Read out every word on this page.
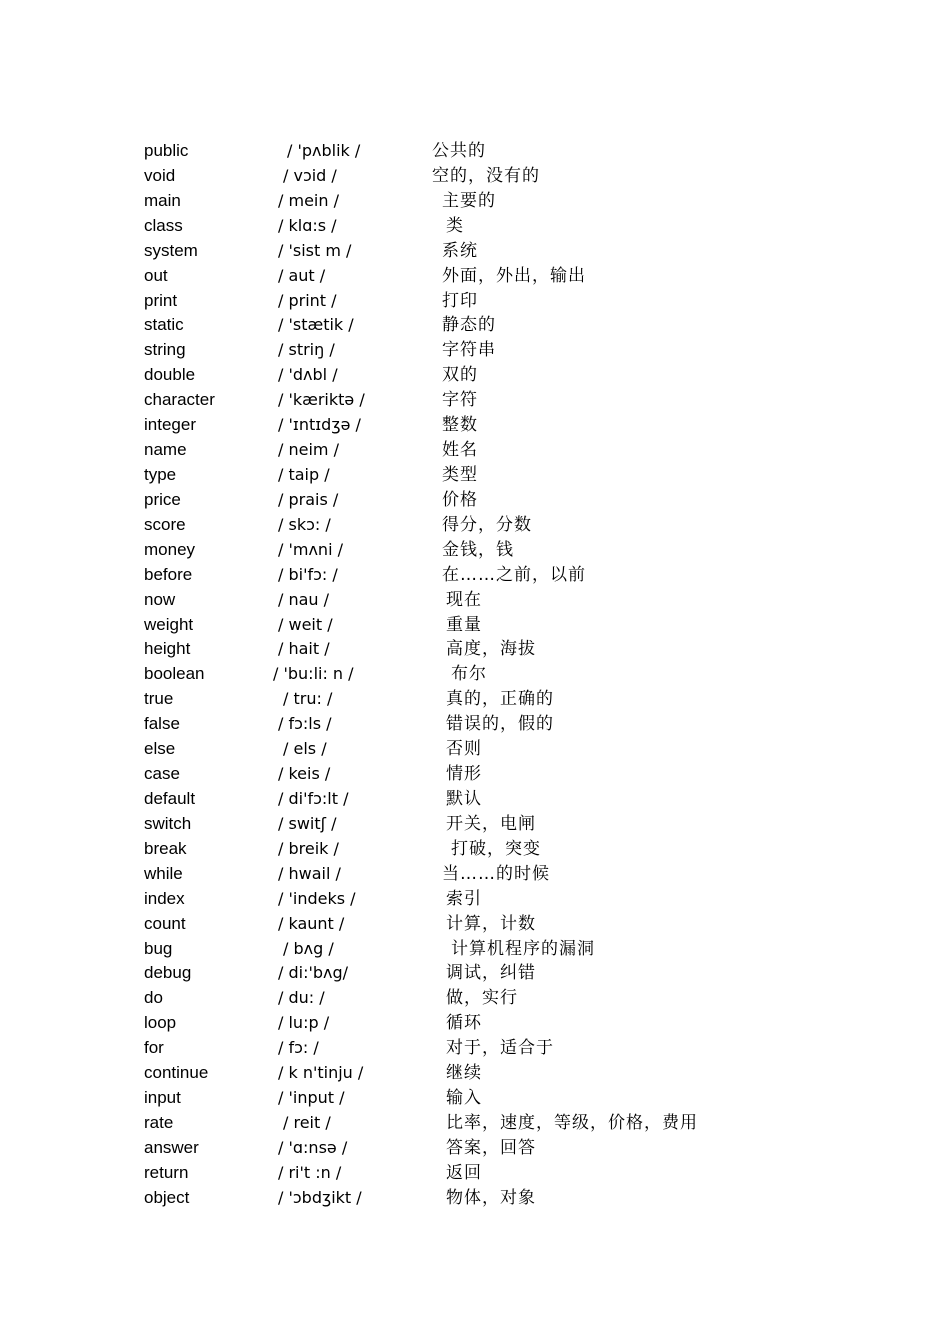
public	/ 'pʌblik /	公共的
void	/ vɔid /	空的，没有的
main	/ mein /	主要的
class	/ klɑ:s /	类
system	/ 'sist m /	系统
out	/ aut /	外面，外出，输出
print	/ print /	打印
static	/ 'stætik /	静态的
string	/ striŋ /	字符串
double	/ 'dʌbl /	双的
character	/ 'kæriktə /	字符
integer	/ 'ɪntɪdʒə /	整数
name	/ neim /	姓名
type	/ taip /	类型
price	/ prais /	价格
score	/ skɔ: /	得分，分数
money	/ 'mʌni /	金钱，钱
before	/ bi'fɔ: /	在……之前，以前
now	/ nau /	现在
weight	/ weit /	重量
height	/ hait /	高度，海拔
boolean	/ 'bu:li: n /	布尔
true	/ tru: /	真的，正确的
false	/ fɔ:ls /	错误的，假的
else	/ els /	否则
case	/ keis /	情形
default	/ di'fɔ:lt /	默认
switch	/ switʃ /	开关，电闸
break	/ breik /	打破，突变
while	/ hwail /	当……的时候
index	/ 'indeks /	索引
count	/ kaunt /	计算，计数
bug	/ bʌg /	计算机程序的漏洞
debug	/ di:'bʌg/	调试，纠错
do	/ du: /	做，实行
loop	/ lu:p /	循环
for	/ fɔ: /	对于，适合于
continue	/ k n'tinju /	继续
input	/ 'input /	输入
rate	/ reit /	比率，速度，等级，价格，费用
answer	/ 'ɑ:nsə /	答案，回答
return	/ ri't :n /	返回
object	/ 'ɔbdʒikt /	物体，对象
